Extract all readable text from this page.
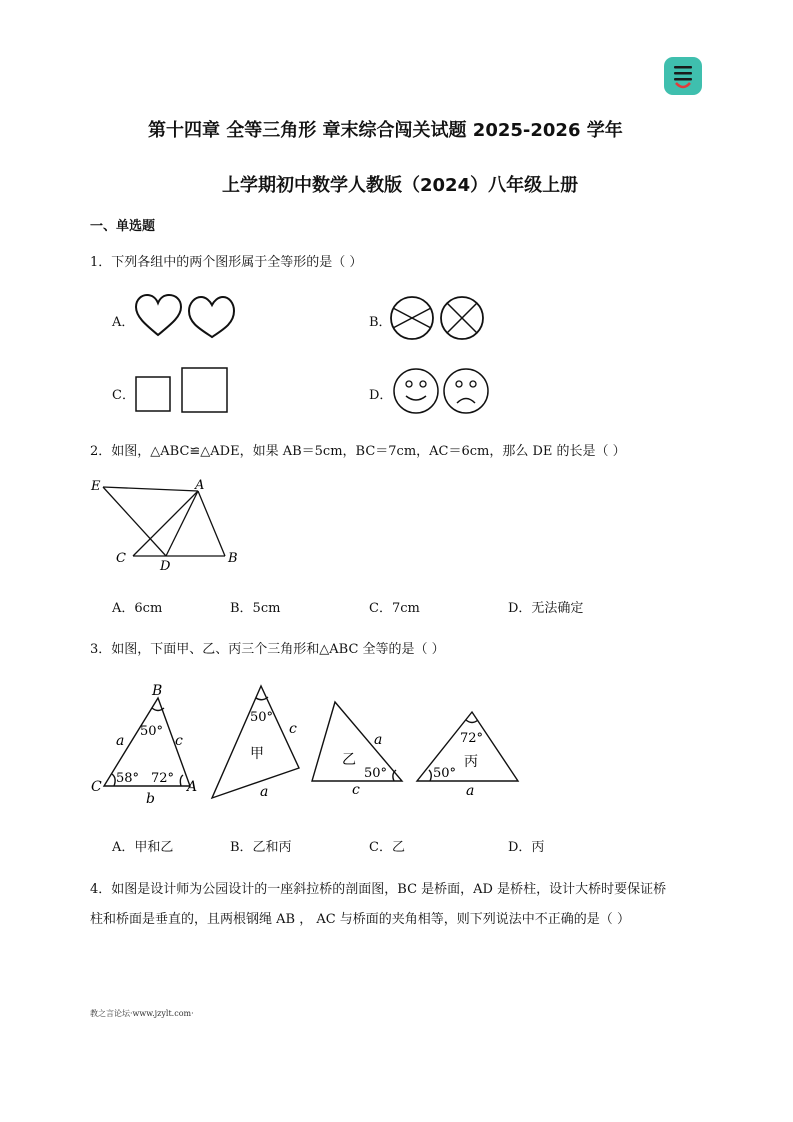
第十四章 全等三角形 章末综合闯关试题 2025-2026 学年
上学期初中数学人教版（2024）八年级上册
一、单选题
1．下列各组中的两个图形属于全等形的是（ ）
A．	B．
C．	D．
2．如图，△ABC≌△ADE，如果 AB＝5cm，BC＝7cm，AC＝6cm，那么 DE 的长是（ ）
E	A
C
D
B
A．6cm	B．5cm	C．7cm	D．无法确定
3．如图，下面甲、乙、丙三个三角形和△ABC 全等的是（ ）
B
a
50°
c
C
58° 72°
A
b
50°
c
甲
a
a
乙
50°
c
72°
丙
50°
a
A．甲和乙	B．乙和丙	C．乙	D．丙
4．如图是设计师为公园设计的一座斜拉桥的剖面图，BC 是桥面，AD 是桥柱，设计大桥时要保证桥
柱和桥面是垂直的，且两根钢绳 AB ， AC 与桥面的夹角相等，则下列说法中不正确的是（ ）
教之言论坛·www.jzylt.com·
